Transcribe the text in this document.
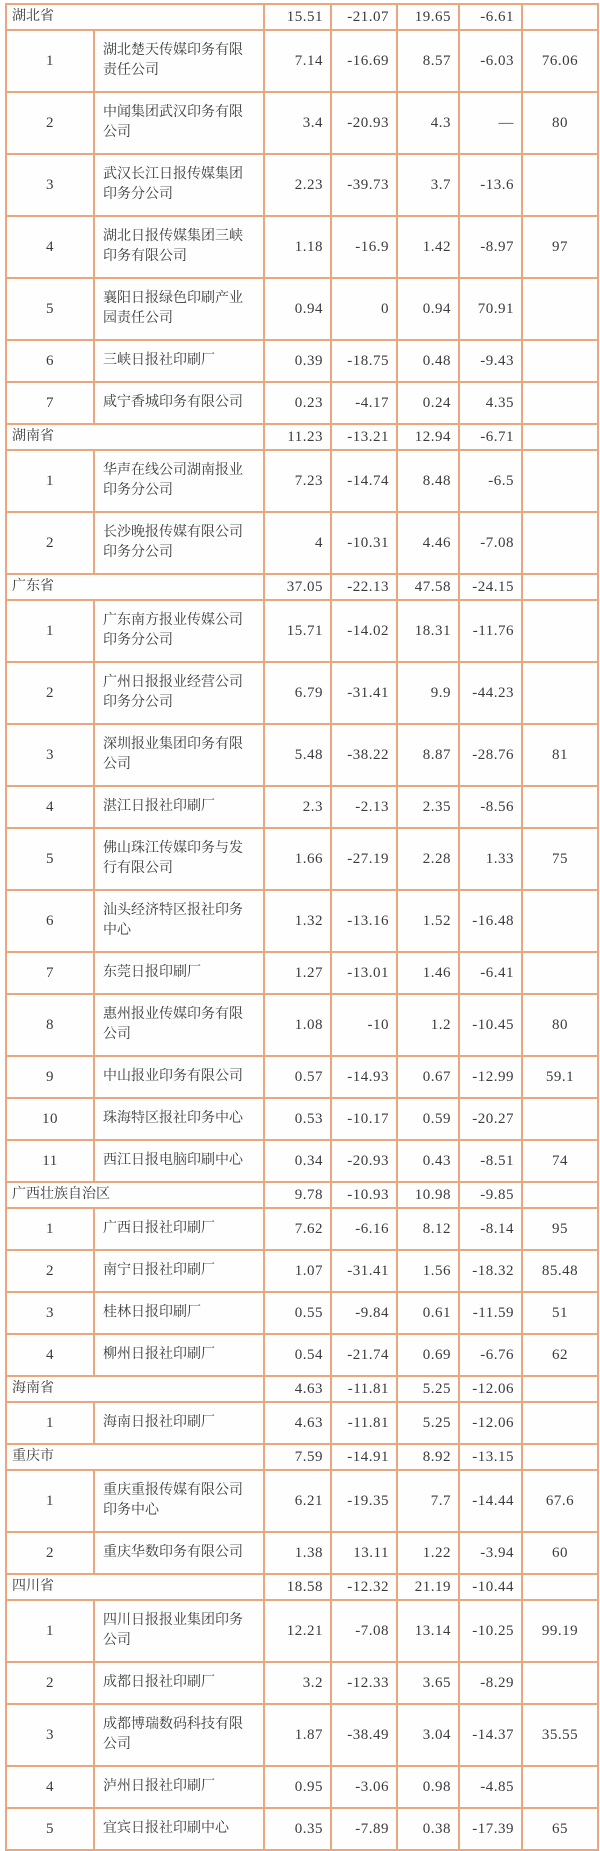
湖北省		15.51	-21.07	19.65	-6.61	
1	湖北楚天传媒印务有限责任公司	7.14	-16.69	8.57	-6.03	76.06
2	中闻集团武汉印务有限公司	3.4	-20.93	4.3	—	80
3	武汉长江日报传媒集团印务分公司	2.23	-39.73	3.7	-13.6	
4	湖北日报传媒集团三峡印务有限公司	1.18	-16.9	1.42	-8.97	97
5	襄阳日报绿色印刷产业园责任公司	0.94	0	0.94	70.91	
6	三峡日报社印刷厂	0.39	-18.75	0.48	-9.43	
7	咸宁香城印务有限公司	0.23	-4.17	0.24	4.35	
湖南省		11.23	-13.21	12.94	-6.71	
1	华声在线公司湖南报业印务分公司	7.23	-14.74	8.48	-6.5	
2	长沙晚报传媒有限公司印务分公司	4	-10.31	4.46	-7.08	
广东省		37.05	-22.13	47.58	-24.15	
1	广东南方报业传媒公司印务分公司	15.71	-14.02	18.31	-11.76	
2	广州日报报业经营公司印务分公司	6.79	-31.41	9.9	-44.23	
3	深圳报业集团印务有限公司	5.48	-38.22	8.87	-28.76	81
4	湛江日报社印刷厂	2.3	-2.13	2.35	-8.56	
5	佛山珠江传媒印务与发行有限公司	1.66	-27.19	2.28	1.33	75
6	汕头经济特区报社印务中心	1.32	-13.16	1.52	-16.48	
7	东莞日报印刷厂	1.27	-13.01	1.46	-6.41	
8	惠州报业传媒印务有限公司	1.08	-10	1.2	-10.45	80
9	中山报业印务有限公司	0.57	-14.93	0.67	-12.99	59.1
10	珠海特区报社印务中心	0.53	-10.17	0.59	-20.27	
11	西江日报电脑印刷中心	0.34	-20.93	0.43	-8.51	74
广西壮族自治区		9.78	-10.93	10.98	-9.85	
1	广西日报社印刷厂	7.62	-6.16	8.12	-8.14	95
2	南宁日报社印刷厂	1.07	-31.41	1.56	-18.32	85.48
3	桂林日报印刷厂	0.55	-9.84	0.61	-11.59	51
4	柳州日报社印刷厂	0.54	-21.74	0.69	-6.76	62
海南省		4.63	-11.81	5.25	-12.06	
1	海南日报社印刷厂	4.63	-11.81	5.25	-12.06	
重庆市		7.59	-14.91	8.92	-13.15	
1	重庆重报传媒有限公司印务中心	6.21	-19.35	7.7	-14.44	67.6
2	重庆华数印务有限公司	1.38	13.11	1.22	-3.94	60
四川省		18.58	-12.32	21.19	-10.44	
1	四川日报报业集团印务公司	12.21	-7.08	13.14	-10.25	99.19
2	成都日报社印刷厂	3.2	-12.33	3.65	-8.29	
3	成都博瑞数码科技有限公司	1.87	-38.49	3.04	-14.37	35.55
4	泸州日报社印刷厂	0.95	-3.06	0.98	-4.85	
5	宜宾日报社印刷中心	0.35	-7.89	0.38	-17.39	65
